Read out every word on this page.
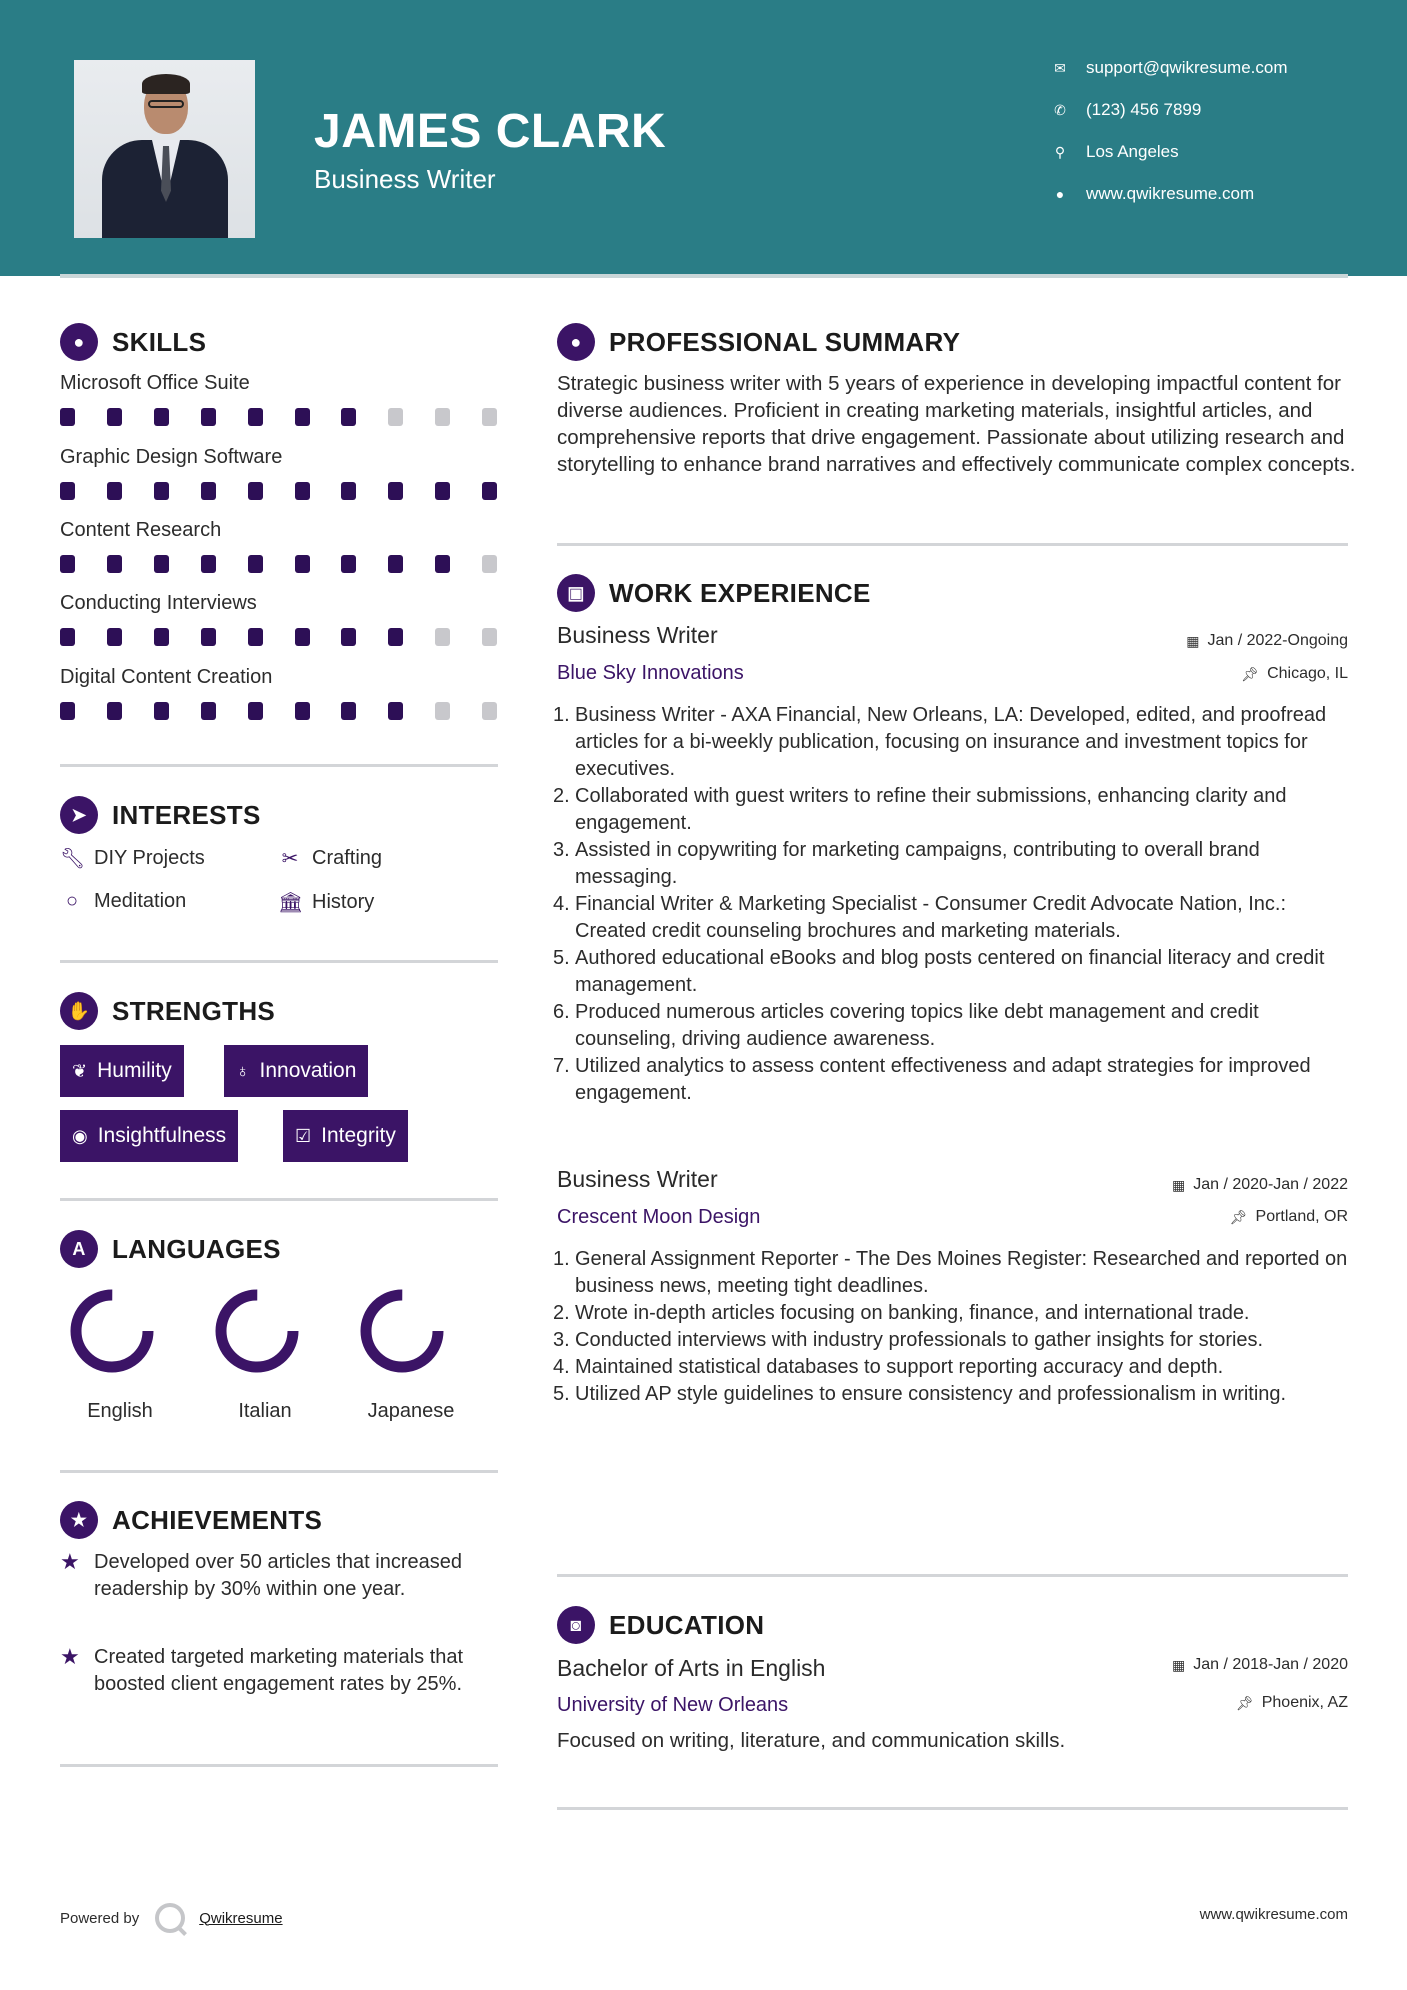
JAMES CLARK
Business Writer
✉ support@qwikresume.com
✆ (123) 456 7899
⚲ Los Angeles
●	www.qwikresume.com
●	SKILLS
Microsoft Office Suite
Graphic Design Software
Content Research
Conducting Interviews
Digital Content Creation
➤ INTERESTS
🔧︎ DIY Projects	✂ Crafting
○ Meditation	🏛︎ History
✋ STRENGTHS
❦ Humility	♁ Innovation
◉ Insightfulness	☑ Integrity
A	LANGUAGES
English	Italian	Japanese
★ ACHIEVEMENTS
★ Developed over 50 articles that increased readership by 30% within one year.
★ Created targeted marketing materials that boosted client engagement rates by 25%.
●	PROFESSIONAL SUMMARY
Strategic business writer with 5 years of experience in developing impactful content for diverse audiences. Proficient in creating marketing materials, insightful articles, and comprehensive reports that drive engagement. Passionate about utilizing research and storytelling to enhance brand narratives and effectively communicate complex concepts.
▣ WORK EXPERIENCE
Business Writer	▦ Jan / 2022-Ongoing
Blue Sky Innovations	📌︎ Chicago, IL
1. Business Writer - AXA Financial, New Orleans, LA: Developed, edited, and proofread articles for a bi-weekly publication, focusing on insurance and investment topics for executives.
2. Collaborated with guest writers to refine their submissions, enhancing clarity and engagement.
3. Assisted in copywriting for marketing campaigns, contributing to overall brand messaging.
4. Financial Writer & Marketing Specialist - Consumer Credit Advocate Nation, Inc.: Created credit counseling brochures and marketing materials.
5. Authored educational eBooks and blog posts centered on financial literacy and credit management.
6. Produced numerous articles covering topics like debt management and credit counseling, driving audience awareness.
7. Utilized analytics to assess content effectiveness and adapt strategies for improved engagement.
Business Writer	▦ Jan / 2020-Jan / 2022
Crescent Moon Design	📌︎ Portland, OR
1. General Assignment Reporter - The Des Moines Register: Researched and reported on business news, meeting tight deadlines.
2. Wrote in-depth articles focusing on banking, finance, and international trade.
3. Conducted interviews with industry professionals to gather insights for stories.
4. Maintained statistical databases to support reporting accuracy and depth.
5. Utilized AP style guidelines to ensure consistency and professionalism in writing.
◙	EDUCATION
Bachelor of Arts in English	▦ Jan / 2018-Jan / 2020
University of New Orleans	📌︎ Phoenix, AZ
Focused on writing, literature, and communication skills.
Powered by	Qwikresume	www.qwikresume.com
